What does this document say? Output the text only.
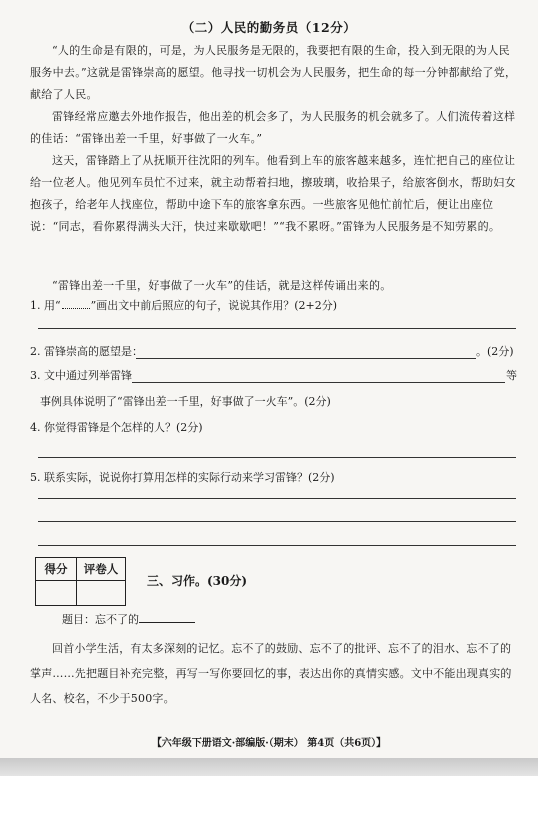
（二）人民的勤务员（12分）

“人的生命是有限的，可是，为人民服务是无限的，我要把有限的生命，投入到无限的为人民服务中去。”这就是雷锋崇高的愿望。他寻找一切机会为人民服务，把生命的每一分钟都献给了党，献给了人民。

雷锋经常应邀去外地作报告，他出差的机会多了，为人民服务的机会就多了。人们流传着这样的佳话：“雷锋出差一千里，好事做了一火车。”

这天，雷锋踏上了从抚顺开往沈阳的列车。他看到上车的旅客越来越多，连忙把自己的座位让给一位老人。他见列车员忙不过来，就主动帮着扫地，擦玻璃，收拾果子，给旅客倒水，帮助妇女抱孩子，给老年人找座位，帮助中途下车的旅客拿东西。一些旅客见他忙前忙后，便让出座位说：“同志，看你累得满头大汗，快过来歇歇吧！”“我不累呀。”雷锋为人民服务是不知劳累的。

“雷锋出差一千里，好事做了一火车”的佳话，就是这样传诵出来的。

1. 用“	”画出文中前后照应的句子，说说其作用？(2+2分)
2. 雷锋崇高的愿望是：	。(2分)
3. 文中通过列举雷锋	等
事例具体说明了“雷锋出差一千里，好事做了一火车”。(2分)
4. 你觉得雷锋是个怎样的人？(2分)
5. 联系实际，说说你打算用怎样的实际行动来学习雷锋？(2分)
得分	评卷人

三、习作。(30分)
题目：忘不了的

回首小学生活，有太多深刻的记忆。忘不了的鼓励、忘不了的批评、忘不了的泪水、忘不了的掌声……先把题目补充完整，再写一写你要回忆的事，表达出你的真情实感。文中不能出现真实的人名、校名，不少于500字。

【六年级下册语文·部编版·（期末） 第4页（共6页）】
